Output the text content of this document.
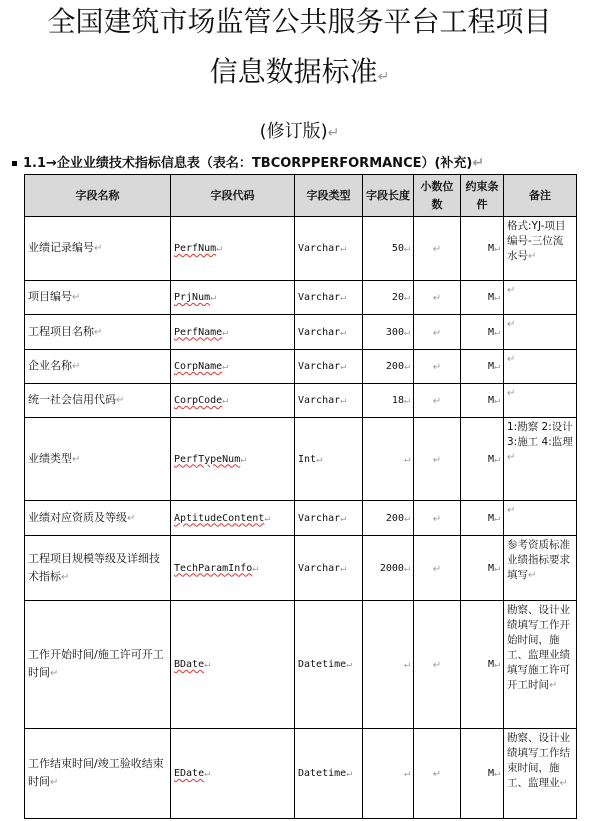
全国建筑市场监管公共服务平台工程项目
信息数据标准↵
(修订版)↵
1.1→企业业绩技术指标信息表（表名：TBCORPPERFORMANCE）(补充)↵
字段名称	字段代码	字段类型	字段长度	小数位数	约束条件	备注
业绩记录编号↵	PerfNum↵	Varchar↵	50↵	↵	M↵	格式:YJ-项目编号-三位流水号↵
项目编号↵	PrjNum↵	Varchar↵	20↵	↵	M↵	↵
工程项目名称↵	PerfName↵	Varchar↵	300↵	↵	M↵	↵
企业名称↵	CorpName↵	Varchar↵	200↵	↵	M↵	↵
统一社会信用代码↵	CorpCode↵	Varchar↵	18↵	↵	M↵	↵
业绩类型↵	PerfTypeNum↵	Int↵	↵	↵	M↵	1:勘察 2:设计 3:施工 4:监理↵
业绩对应资质及等级↵	AptitudeContent↵	Varchar↵	200↵	↵	M↵	↵
工程项目规模等级及详细技术指标↵	TechParamInfo↵	Varchar↵	2000↵	↵	M↵	参考资质标准业绩指标要求填写↵
工作开始时间/施工许可开工时间↵	BDate↵	Datetime↵	↵	↵	M↵	勘察、设计业绩填写工作开始时间，施工、监理业绩填写施工许可开工时间↵
工作结束时间/竣工验收结束时间↵	EDate↵	Datetime↵	↵	↵	M↵	勘察、设计业绩填写工作结束时间，施工、监理业↵
